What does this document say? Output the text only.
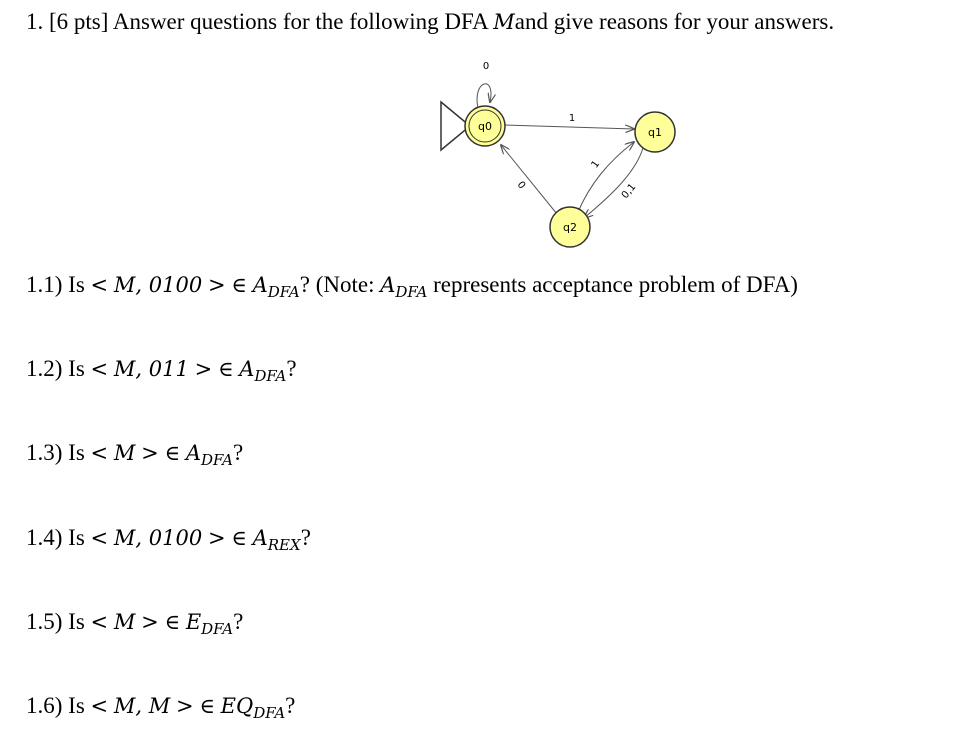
1. [6 pts] Answer questions for the following DFA Mand give reasons for your answers.
0
1
0
1
0,1
q0	q1
q2
1.1) Is < M, 0100 > ∈ $A_{DFA}$? (Note: $A_{DFA}$ represents acceptance problem of DFA)
1.2) Is < M, 011 > ∈ $A_{DFA}$?
1.3) Is < M > ∈ $A_{DFA}$?
1.4) Is < M, 0100 > ∈ $A_{REX}$?
1.5) Is < M > ∈ $E_{DFA}$?
1.6) Is < M, M > ∈ $EQ_{DFA}$?
